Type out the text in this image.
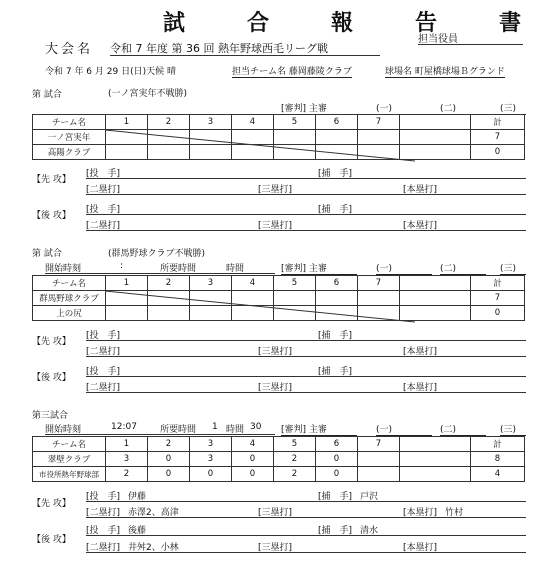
試　合　報　告　書
担当役員
大会名 令和 7 年度 第 36 回 熱年野球西毛リーグ戦
令和 7 年 6 月 29 日(日)天候 晴	担当チーム名 藤岡藤陵クラブ	球場名 町屋橋球場Ｂグランド
第 試合	(一ノ宮実年不戦勝)
[審判] 主審	(一)	(二)	(三)
チーム名	1	2	3	4	5	6	7		計
一ノ宮実年									7
高陽クラブ									0
【先 攻】
[投　手]	[捕　手]
[二塁打]	[三塁打]	[本塁打]
【後 攻】
[投　手]	[捕　手]
[二塁打]	[三塁打]	[本塁打]
第 試合	(群馬野球クラブ不戦勝)
開始時刻	:	所要時間	時間	[審判] 主審	(一)	(二)	(三)
チーム名	1	2	3	4	5	6	7		計
群馬野球クラブ									7
上の尻									0
【先 攻】
[投　手]	[捕　手]
[二塁打]	[三塁打]	[本塁打]
【後 攻】
[投　手]	[捕　手]
[二塁打]	[三塁打]	[本塁打]
第三試合
開始時刻	12:07	所要時間 1 時間 30 [審判] 主審	(一)	(二)	(三)
チーム名	1	2	3	4	5	6	7		計
翠壁クラブ	3	0	3	0	2	0			8
市役所熱年野球部	2	0	0	0	2	0			4
【先 攻】
[投　手] 伊藤	[捕　手] 戸沢
[二塁打] 赤澤2、高津	[三塁打]	[本塁打] 竹村
【後 攻】
[投　手] 後藤	[捕　手] 清水
[二塁打] 井舛2、小林	[三塁打]	[本塁打]
